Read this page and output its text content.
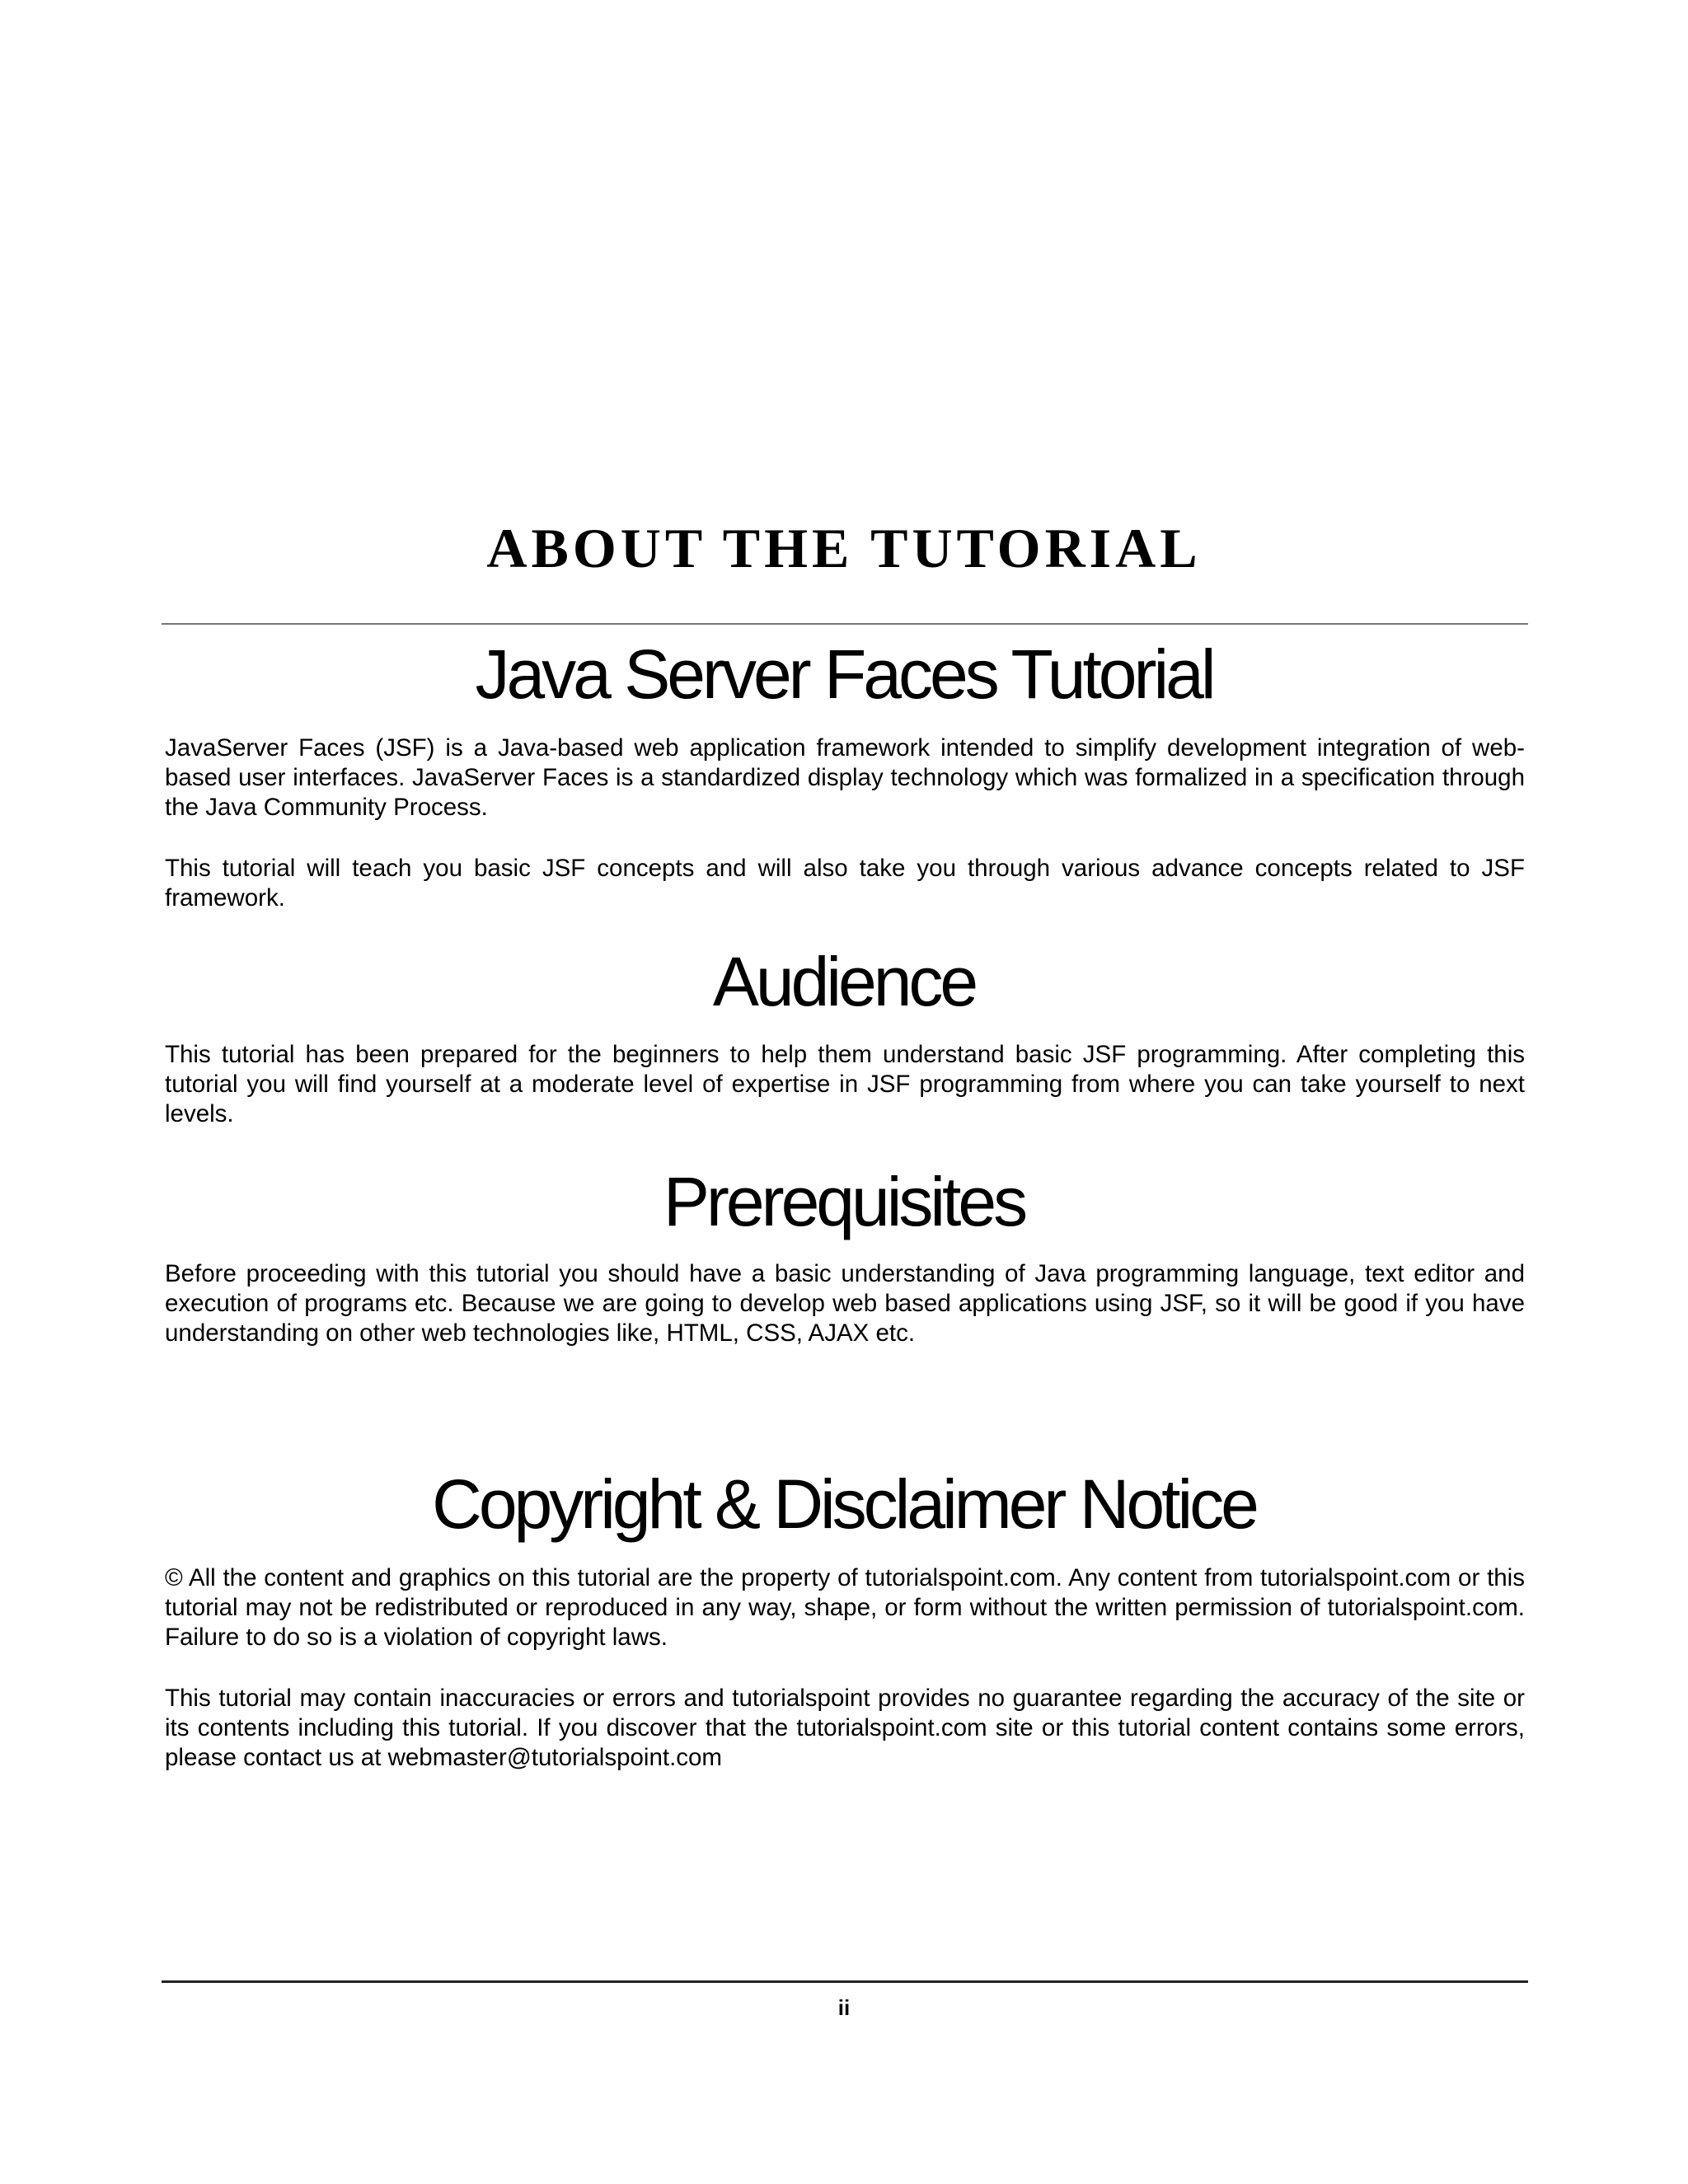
ABOUT THE TUTORIAL
Java Server Faces Tutorial

JavaServer Faces (JSF) is a Java-based web application framework intended to simplify development integration of web-based user interfaces. JavaServer Faces is a standardized display technology which was formalized in a specification through the Java Community Process.

This tutorial will teach you basic JSF concepts and will also take you through various advance concepts related to JSF framework.

Audience

This tutorial has been prepared for the beginners to help them understand basic JSF programming. After completing this tutorial you will find yourself at a moderate level of expertise in JSF programming from where you can take yourself to next levels.

Prerequisites

Before proceeding with this tutorial you should have a basic understanding of Java programming language, text editor and execution of programs etc. Because we are going to develop web based applications using JSF, so it will be good if you have understanding on other web technologies like, HTML, CSS, AJAX etc.

Copyright & Disclaimer Notice

© All the content and graphics on this tutorial are the property of tutorialspoint.com. Any content from tutorialspoint.com or this tutorial may not be redistributed or reproduced in any way, shape, or form without the written permission of tutorialspoint.com. Failure to do so is a violation of copyright laws.

This tutorial may contain inaccuracies or errors and tutorialspoint provides no guarantee regarding the accuracy of the site or its contents including this tutorial. If you discover that the tutorialspoint.com site or this tutorial content contains some errors, please contact us at webmaster@tutorialspoint.com

ii
